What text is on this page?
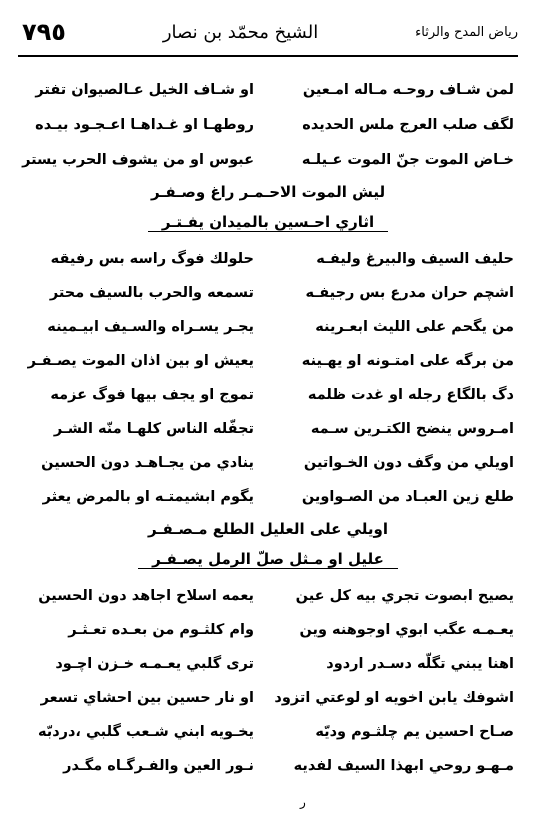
٧٩٥	الشيخ محمّد بن نصار	رياض المدح والرثاء
لمن شـاف روحـه مـاله امـعين
او شـاف الخيل عـالصيوان تفتر
لگف صلب العرج ملس الحديده
روطهـا او غـداهـا اعـجـود بيـده
خـاض الموت جنّ الموت عـيلـه
عبوس او من يشوف الحرب يستر
ليش الموت الاحـمـر راغ وصـفـر
اثاري احـسين بالميدان يفـتـر
حليف السيف والبيرغ وليفـه
حلولك فوگ راسه بس رفيقه
اشچم حران مدرع بس رجيفـه
تسمعه والحرب بالسيف محتر
من يگحم على الليث ابعـرينه
يجـر يسـراه والسـيف ابيـمينه
من برگه على امتـونه او يهـينه
يعيش او بين اذان الموت يصـفـر
دگ بالگاع رجله او غدت ظلمه
تموج او يجف بيها فوگ عزمه
امـروس ينضح الكتـرين سـمه
تجفّله الناس كلهـا منّه الشـر
اويلي من وگف دون الخـواتين
ينادي من يجـاهـد دون الحسين
طلع زين العبـاد من الصـواوين
يگوم ابشيمتـه او بالمرض يعثر
اويلي على العليل الطلع مـصـفـر
عليل او مـثل صلّ الرمل يصـفـر
يصيح ابصوت تجري بيه كل عين
يعمه اسلاح اجاهد دون الحسين
يعـمـه عگب ابوي اوجوهنه وين
وام كلثـوم من بعـده تعـثـر
اهنا يبني تگلّه دسـدر اردود
ترى گلبي يعـمـه خـزن اچـود
اشوفك يابن اخويه او لوعتي اتزود
او نار حسين بين احشاي تسعر
صـاح احسين يم چلثـوم وديّه
يخـويه ابني شـعب گلبي ،دردبّه
مـهـو روحي ابهذا السيف لفديه
نـور العين والفـرگـاه مگـدر
ر
